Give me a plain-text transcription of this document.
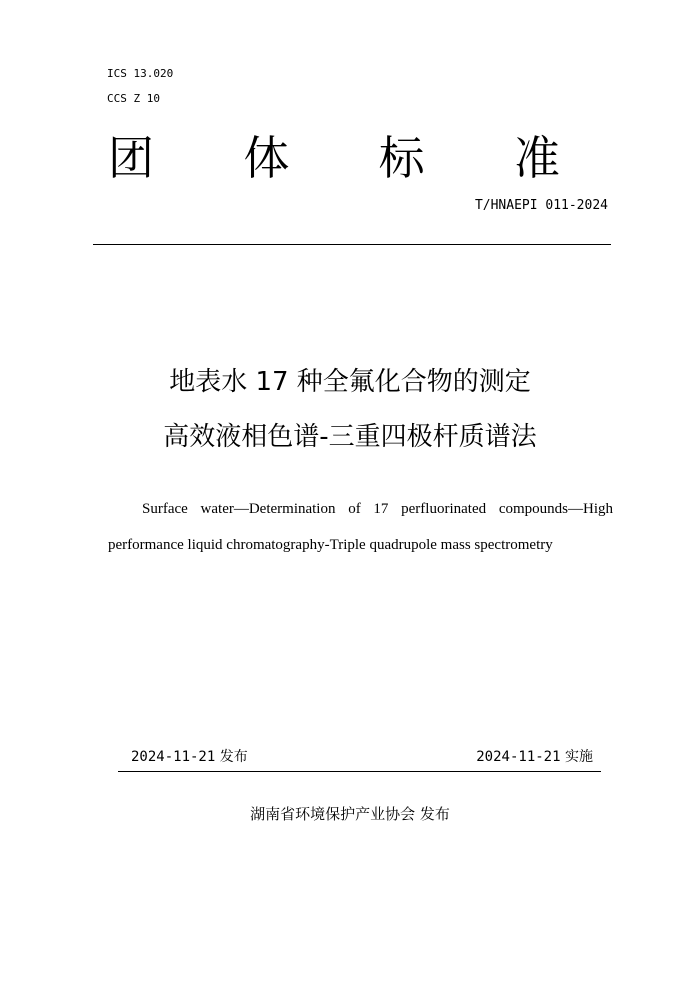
ICS 13.020
CCS Z 10
团 体 标 准
T/HNAEPI 011-2024
地表水 17 种全氟化合物的测定
高效液相色谱-三重四极杆质谱法
Surface water—Determination of 17 perfluorinated compounds—High performance liquid chromatography-Triple quadrupole mass spectrometry
2024-11-21 发布	2024-11-21 实施
湖南省环境保护产业协会 发布
